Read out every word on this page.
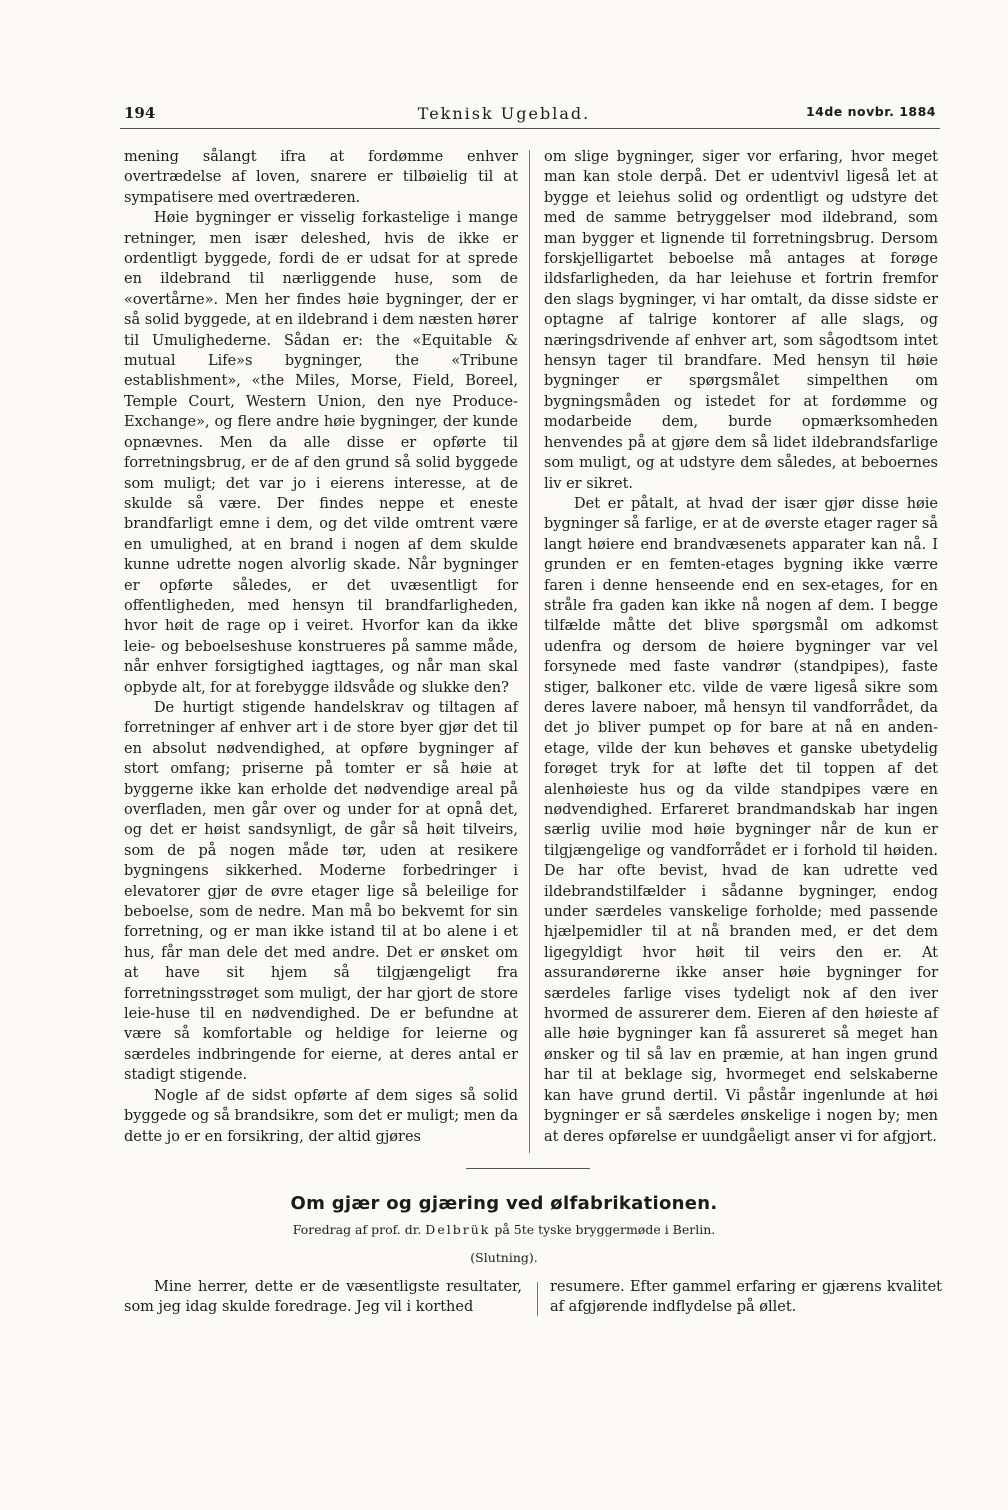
194	Teknisk Ugeblad.	14de novbr. 1884

mening sålangt ifra at fordømme enhver overtrædelse af loven, snarere er tilbøielig til at sympatisere med overtræderen.

Høie bygninger er visselig forkastelige i mange retninger, men især deleshed, hvis de ikke er ordentligt byggede, fordi de er udsat for at sprede en ildebrand til nærliggende huse, som de «overtårne». Men her findes høie bygninger, der er så solid byggede, at en ildebrand i dem næsten hører til Umulighederne. Sådan er: the «Equitable & mutual Life»s bygninger, the «Tribune establishment», «the Miles, Morse, Field, Boreel, Temple Court, Western Union, den nye Produce-Exchange», og flere andre høie bygninger, der kunde opnævnes. Men da alle disse er opførte til forretningsbrug, er de af den grund så solid byggede som muligt; det var jo i eierens interesse, at de skulde så være. Der findes neppe et eneste brandfarligt emne i dem, og det vilde omtrent være en umulighed, at en brand i nogen af dem skulde kunne udrette nogen alvorlig skade. Når bygninger er opførte således, er det uvæsentligt for offentligheden, med hensyn til brandfarligheden, hvor høit de rage op i veiret. Hvorfor kan da ikke leie- og beboelseshuse konstrueres på samme måde, når enhver forsigtighed iagttages, og når man skal opbyde alt, for at forebygge ildsvåde og slukke den?

De hurtigt stigende handelskrav og tiltagen af forretninger af enhver art i de store byer gjør det til en absolut nødvendighed, at opføre bygninger af stort omfang; priserne på tomter er så høie at byggerne ikke kan erholde det nødvendige areal på overfladen, men går over og under for at opnå det, og det er høist sandsynligt, de går så høit tilveirs, som de på nogen måde tør, uden at resikere bygningens sikkerhed. Moderne forbedringer i elevatorer gjør de øvre etager lige så beleilige for beboelse, som de nedre. Man må bo bekvemt for sin forretning, og er man ikke istand til at bo alene i et hus, får man dele det med andre. Det er ønsket om at have sit hjem så tilgjængeligt fra forretningsstrøget som muligt, der har gjort de store leie-huse til en nødvendighed. De er befundne at være så komfortable og heldige for leierne og særdeles indbringende for eierne, at deres antal er stadigt stigende.

Nogle af de sidst opførte af dem siges så solid byggede og så brandsikre, som det er muligt; men da dette jo er en forsikring, der altid gjøres

om slige bygninger, siger vor erfaring, hvor meget man kan stole derpå. Det er udentvivl ligeså let at bygge et leiehus solid og ordentligt og udstyre det med de samme betryggelser mod ildebrand, som man bygger et lignende til forretningsbrug. Dersom forskjelligartet beboelse må antages at forøge ildsfarligheden, da har leiehuse et fortrin fremfor den slags bygninger, vi har omtalt, da disse sidste er optagne af talrige kontorer af alle slags, og næringsdrivende af enhver art, som sågodtsom intet hensyn tager til brandfare. Med hensyn til høie bygninger er spørgsmålet simpelthen om bygningsmåden og istedet for at fordømme og modarbeide dem, burde opmærksomheden henvendes på at gjøre dem så lidet ildebrandsfarlige som muligt, og at udstyre dem således, at beboernes liv er sikret.

Det er påtalt, at hvad der især gjør disse høie bygninger så farlige, er at de øverste etager rager så langt høiere end brandvæsenets apparater kan nå. I grunden er en femten-etages bygning ikke værre faren i denne henseende end en sex-etages, for en stråle fra gaden kan ikke nå nogen af dem. I begge tilfælde måtte det blive spørgsmål om adkomst udenfra og dersom de høiere bygninger var vel forsynede med faste vandrør (standpipes), faste stiger, balkoner etc. vilde de være ligeså sikre som deres lavere naboer, må hensyn til vandforrådet, da det jo bliver pumpet op for bare at nå en anden-etage, vilde der kun behøves et ganske ubetydelig forøget tryk for at løfte det til toppen af det alenhøieste hus og da vilde standpipes være en nødvendighed. Erfareret brandmandskab har ingen særlig uvilie mod høie bygninger når de kun er tilgjængelige og vandforrådet er i forhold til høiden. De har ofte bevist, hvad de kan udrette ved ildebrandstilfælder i sådanne bygninger, endog under særdeles vanskelige forholde; med passende hjælpemidler til at nå branden med, er det dem ligegyldigt hvor høit til veirs den er. At assurandørerne ikke anser høie bygninger for særdeles farlige vises tydeligt nok af den iver hvormed de assurerer dem. Eieren af den høieste af alle høie bygninger kan få assureret så meget han ønsker og til så lav en præmie, at han ingen grund har til at beklage sig, hvormeget end selskaberne kan have grund dertil. Vi påstår ingenlunde at høi bygninger er så særdeles ønskelige i nogen by; men at deres opførelse er uundgåeligt anser vi for afgjort.

Om gjær og gjæring ved ølfabrikationen.
Foredrag af prof. dr. Delbrük på 5te tyske bryggermøde i Berlin.
(Slutning).

Mine herrer, dette er de væsentligste resultater, som jeg idag skulde foredrage. Jeg vil i korthed

resumere. Efter gammel erfaring er gjærens kvalitet af afgjørende indflydelse på øllet.
